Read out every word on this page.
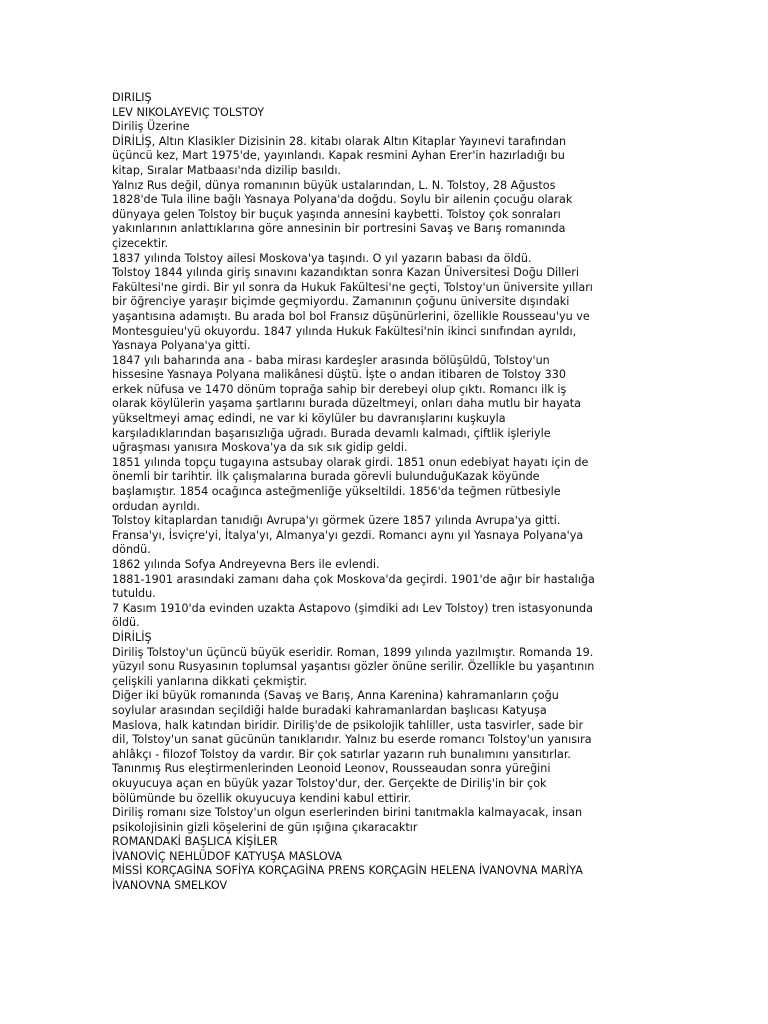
DIRILIŞ

LEV NIKOLAYEVIÇ TOLSTOY

Diriliş Üzerine

DİRİLİŞ, Altın Klasikler Dizisinin 28. kitabı olarak Altın Kitaplar Yayınevi tarafından
üçüncü kez, Mart 1975'de, yayınlandı. Kapak resmini Ayhan Erer'in hazırladığı bu
kitap, Sıralar Matbaası'nda dizilip basıldı.

Yalnız Rus değil, dünya romanının büyük ustalarından, L. N. Tolstoy, 28 Ağustos
1828'de Tula iline bağlı Yasnaya Polyana'da doğdu. Soylu bir ailenin çocuğu olarak
dünyaya gelen Tolstoy bir buçuk yaşında annesini kaybetti. Tolstoy çok sonraları
yakınlarının anlattıklarına göre annesinin bir portresini Savaş ve Barış romanında
çizecektir.

1837 yılında Tolstoy ailesi Moskova'ya taşındı. O yıl yazarın babası da öldü.

Tolstoy 1844 yılında giriş sınavını kazandıktan sonra Kazan Üniversitesi Doğu Dilleri
Fakültesi'ne girdi. Bir yıl sonra da Hukuk Fakültesi'ne geçti, Tolstoy'un üniversite yılları
bir öğrenciye yaraşır biçimde geçmiyordu. Zamanının çoğunu üniversite dışındaki
yaşantısına adamıştı. Bu arada bol bol Fransız düşünürlerini, özellikle Rousseau'yu ve
Montesguieu'yü okuyordu. 1847 yılında Hukuk Fakültesi'nin ikinci sınıfından ayrıldı,
Yasnaya Polyana'ya gitti.

1847 yılı baharında ana - baba mirası kardeşler arasında bölüşüldü, Tolstoy'un
hissesine Yasnaya Polyana malikânesi düştü. İşte o andan itibaren de Tolstoy 330
erkek nüfusa ve 1470 dönüm toprağa sahip bir derebeyi olup çıktı. Romancı ilk iş
olarak köylülerin yaşama şartlarını burada düzeltmeyi, onları daha mutlu bir hayata
yükseltmeyi amaç edindi, ne var ki köylüler bu davranışlarını kuşkuyla
karşıladıklarından başarısızlığa uğradı. Burada devamlı kalmadı, çiftlik işleriyle
uğraşması yanısıra Moskova'ya da sık sık gidip geldi.

1851 yılında topçu tugayına astsubay olarak girdi. 1851 onun edebiyat hayatı için de
önemli bir tarihtir. İlk çalışmalarına burada görevli bulunduğuKazak köyünde
başlamıştır. 1854 ocağınca asteğmenliğe yükseltildi. 1856'da teğmen rütbesiyle
ordudan ayrıldı.

Tolstoy kitaplardan tanıdığı Avrupa'yı görmek üzere 1857 yılında Avrupa'ya gitti.
Fransa'yı, İsviçre'yi, İtalya'yı, Almanya'yı gezdi. Romancı aynı yıl Yasnaya Polyana'ya
döndü.

1862 yılında Sofya Andreyevna Bers ile evlendi.

1881-1901 arasındaki zamanı daha çok Moskova'da geçirdi. 1901'de ağır bir hastalığa
tutuldu.

7 Kasım 1910'da evinden uzakta Astapovo (şimdiki adı Lev Tolstoy) tren istasyonunda
öldü.

DİRİLİŞ

Diriliş Tolstoy'un üçüncü büyük eseridir. Roman, 1899 yılında yazılmıştır. Romanda 19.
yüzyıl sonu Rusyasının toplumsal yaşantısı gözler önüne serilir. Özellikle bu yaşantının
çelişkili yanlarına dikkati çekmiştir.

Diğer iki büyük romanında (Savaş ve Barış, Anna Karenina) kahramanların çoğu
soylular arasından seçildiği halde buradaki kahramanlardan başlıcası Katyuşa
Maslova, halk katından biridir. Diriliş'de de psikolojik tahliller, usta tasvirler, sade bir
dil, Tolstoy'un sanat gücünün tanıklarıdır. Yalnız bu eserde romancı Tolstoy'un yanısıra
ahlâkçı - filozof Tolstoy da vardır. Bir çok satırlar yazarın ruh bunalımını yansıtırlar.

Tanınmış Rus eleştirmenlerinden Leonoid Leonov, Rousseaudan sonra yüreğini
okuyucuya açan en büyük yazar Tolstoy'dur, der. Gerçekte de Diriliş'in bir çok
bölümünde bu özellik okuyucuya kendini kabul ettirir.

Diriliş romanı size Tolstoy'un olgun eserlerinden birini tanıtmakla kalmayacak, insan
psikolojisinin gizli köşelerini de gün ışığına çıkaracaktır

ROMANDAKİ BAŞLICA KİŞİLER

İVANOVİÇ NEHLÜDOF KATYUŞA MASLOVA

MİSSİ KORÇAGİNA SOFİYA KORÇAGİNA PRENS KORÇAGİN HELENA İVANOVNA MARİYA
İVANOVNA SMELKOV
